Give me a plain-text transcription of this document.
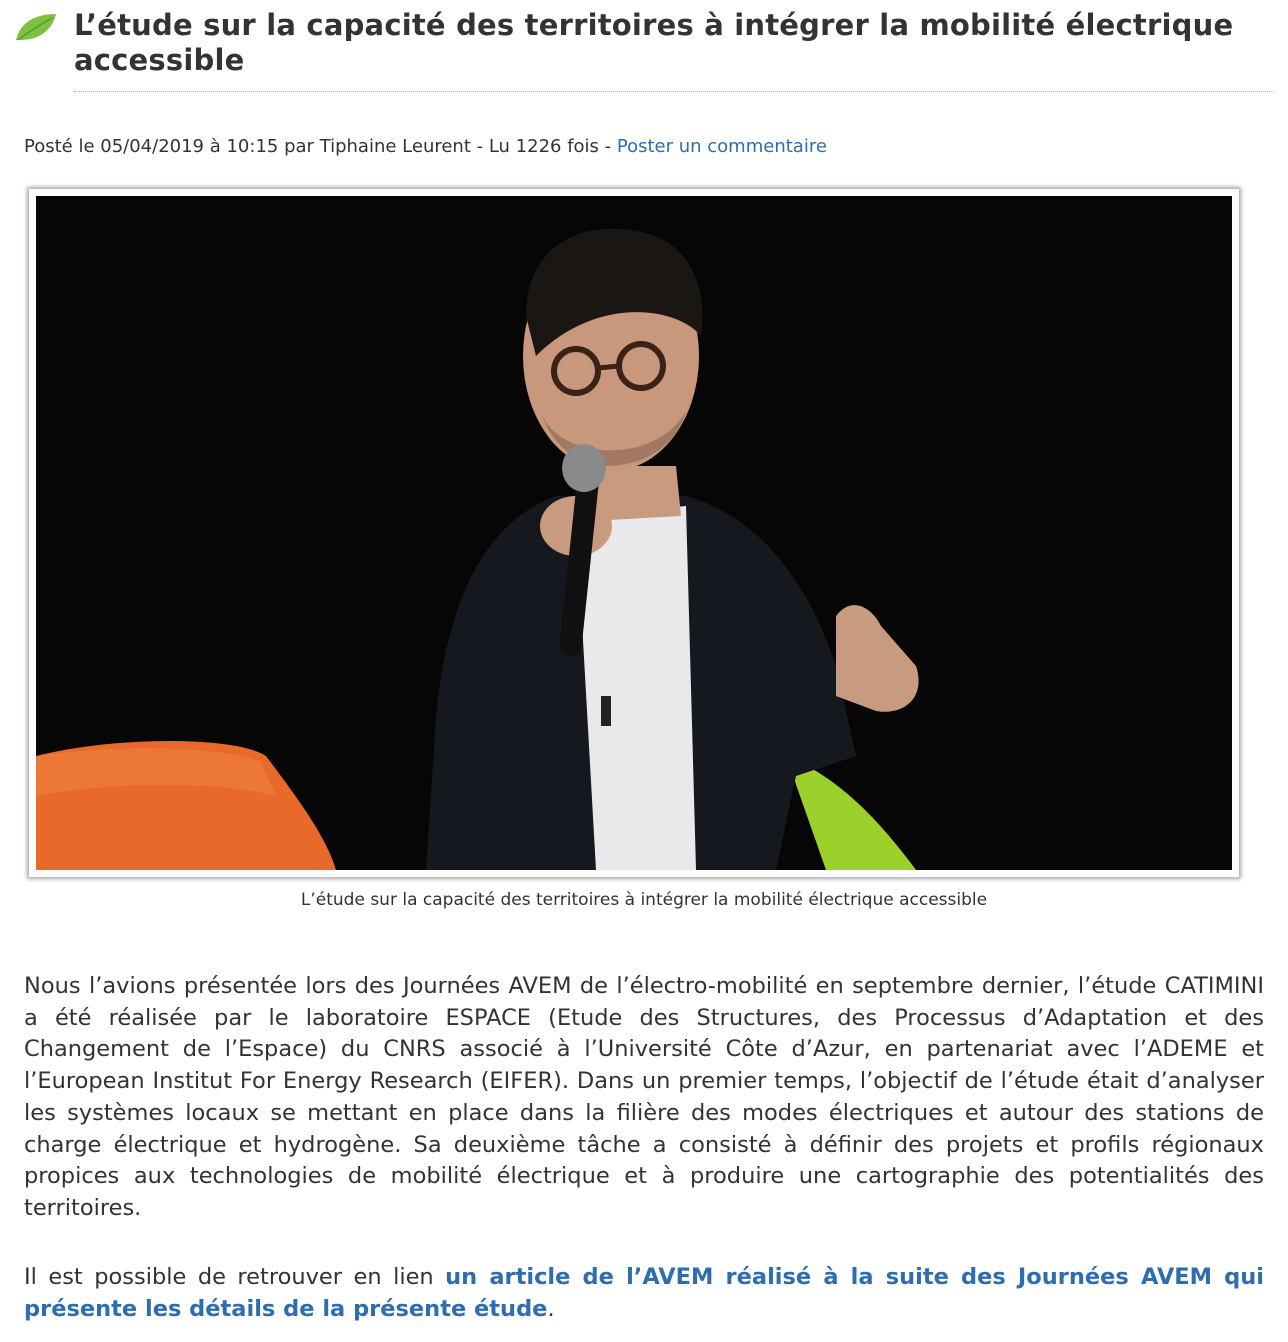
L’étude sur la capacité des territoires à intégrer la mobilité électrique accessible
Posté le 05/04/2019 à 10:15 par Tiphaine Leurent - Lu 1226 fois - Poster un commentaire
L’étude sur la capacité des territoires à intégrer la mobilité électrique accessible

Nous l’avions présentée lors des Journées AVEM de l’électro-mobilité en septembre dernier, l’étude CATIMINI a été réalisée par le laboratoire ESPACE (Etude des Structures, des Processus d’Adaptation et des Changement de l’Espace) du CNRS associé à l’Université Côte d’Azur, en partenariat avec l’ADEME et l’European Institut For Energy Research (EIFER). Dans un premier temps, l’objectif de l’étude était d’analyser les systèmes locaux se mettant en place dans la filière des modes électriques et autour des stations de charge électrique et hydrogène. Sa deuxième tâche a consisté à définir des projets et profils régionaux propices aux technologies de mobilité électrique et à produire une cartographie des potentialités des territoires.

Il est possible de retrouver en lien un article de l’AVEM réalisé à la suite des Journées AVEM qui présente les détails de la présente étude.
